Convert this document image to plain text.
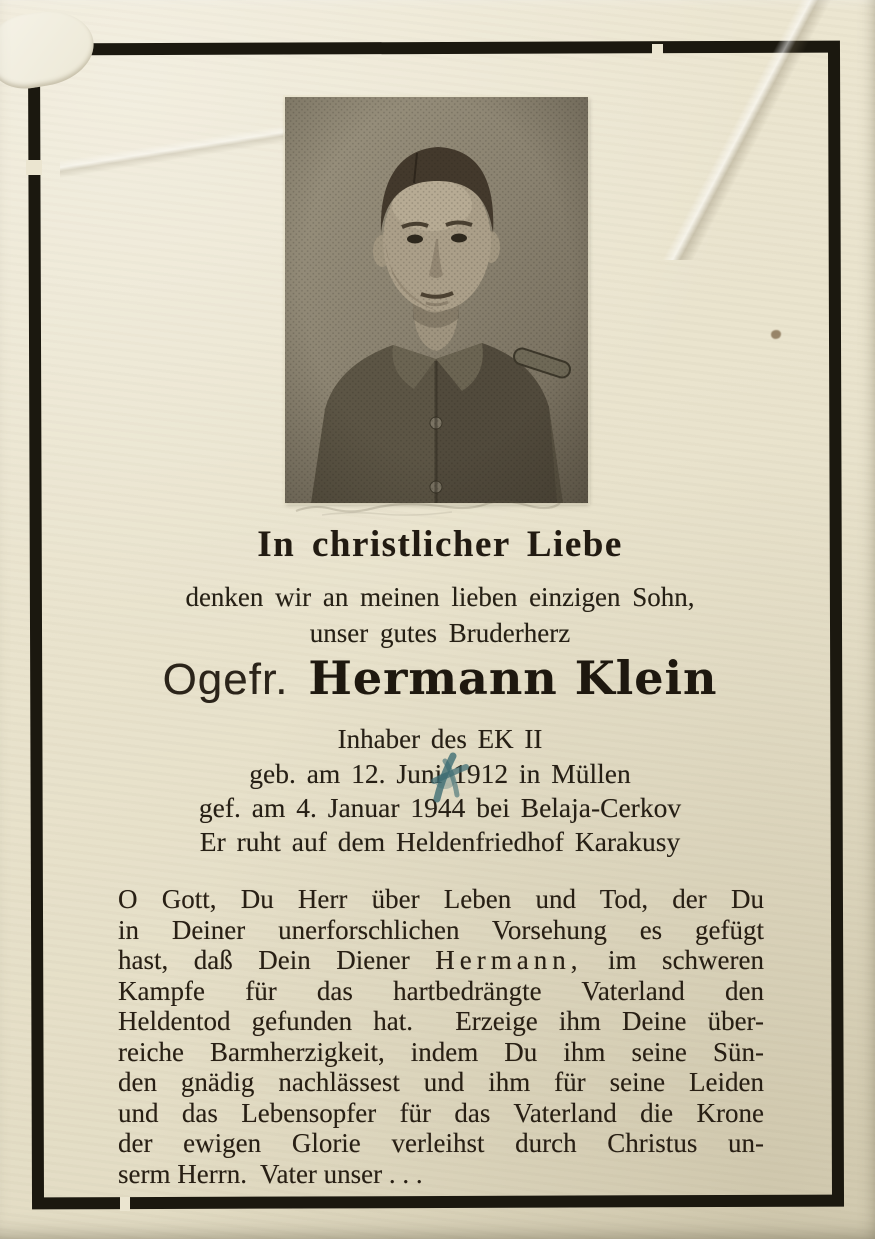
In christlicher Liebe

denken wir an meinen lieben einzigen Sohn,

unser gutes Bruderherz

Ogefr. Hermann Klein

Inhaber des EK II

geb. am 12. Juni 1912 in Müllen

gef. am 4. Januar 1944 bei Belaja-Cerkov

Er ruht auf dem Heldenfriedhof Karakusy

O Gott, Du Herr über Leben und Tod, der Du
in Deiner unerforschlichen Vorsehung es gefügt
hast, daß Dein Diener Hermann, im schweren
Kampfe für das hartbedrängte Vaterland den
Heldentod gefunden hat.  Erzeige ihm Deine über-
reiche Barmherzigkeit, indem Du ihm seine Sün-
den gnädig nachlässest und ihm für seine Leiden
und das Lebensopfer für das Vaterland die Krone
der ewigen Glorie verleihst durch Christus un-
serm Herrn.  Vater unser . . .
